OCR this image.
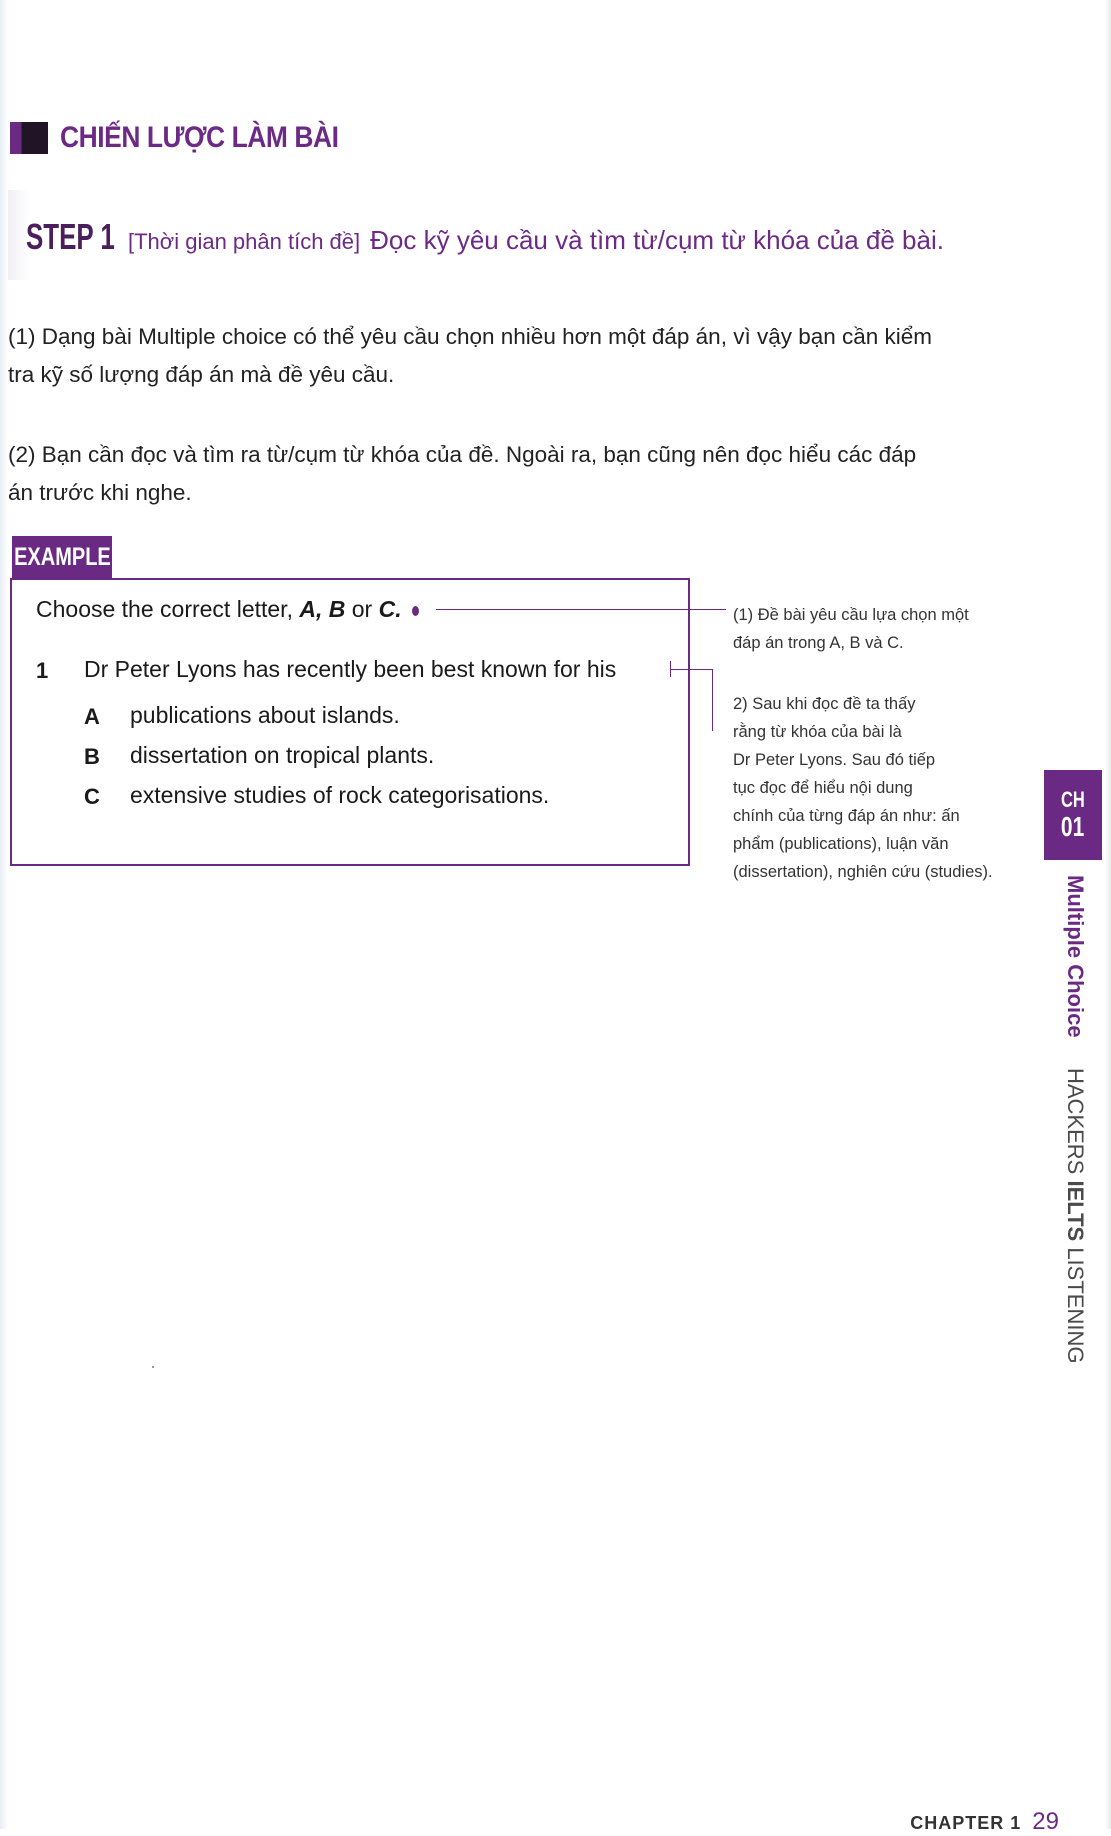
CHIẾN LƯỢC LÀM BÀI
STEP 1 [Thời gian phân tích đề] Đọc kỹ yêu cầu và tìm từ/cụm từ khóa của đề bài.
(1) Dạng bài Multiple choice có thể yêu cầu chọn nhiều hơn một đáp án, vì vậy bạn cần kiểm
tra kỹ số lượng đáp án mà đề yêu cầu.
(2) Bạn cần đọc và tìm ra từ/cụm từ khóa của đề. Ngoài ra, bạn cũng nên đọc hiểu các đáp
án trước khi nghe.
EXAMPLE
Choose the correct letter, A, B or C.
1 Dr Peter Lyons has recently been best known for his
A publications about islands.
B dissertation on tropical plants.
C extensive studies of rock categorisations.
(1) Đề bài yêu cầu lựa chọn một
đáp án trong A, B và C.
2) Sau khi đọc đề ta thấy
rằng từ khóa của bài là
Dr Peter Lyons. Sau đó tiếp
tục đọc để hiểu nội dung
chính của từng đáp án như: ấn
phẩm (publications), luận văn
(dissertation), nghiên cứu (studies).
CH
01
Multiple Choice HACKERS IELTS LISTENING
CHAPTER 1 29
